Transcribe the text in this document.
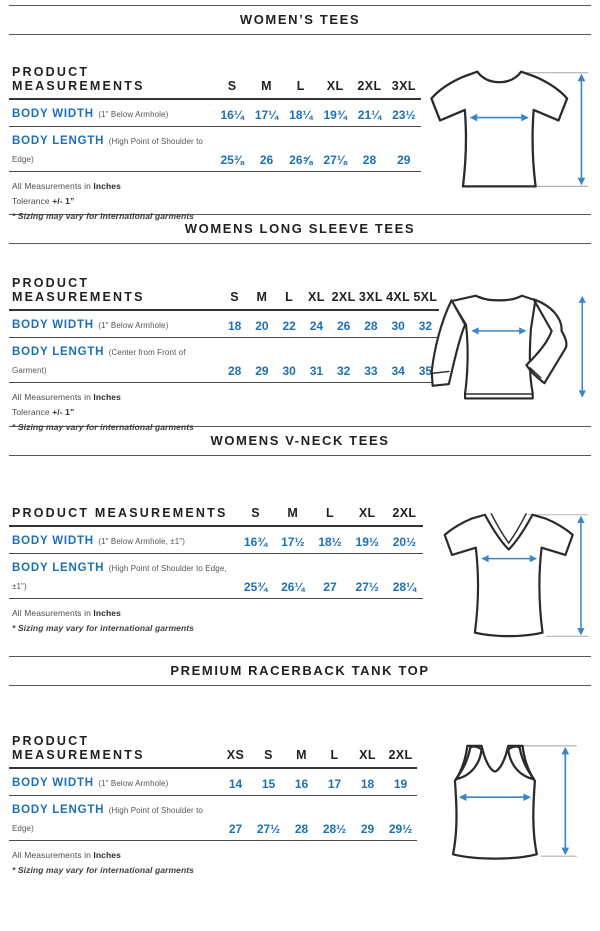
WOMEN’S TEES
PRODUCT MEASUREMENTS	S	M	L	XL	2XL 3XL
BODY WIDTH (1" Below Armhole)	16¼ 17¼ 18¼ 19¾ 21¼ 23½
BODY LENGTH (High Point of Shoulder to Edge)	25⅜	26	26⅝ 27⅛	28	29

All Measurements in Inches

Tolerance +/- 1”

* Sizing may vary for international garments

WOMENS LONG SLEEVE TEES
PRODUCT MEASUREMENTS	S	M	L	XL 2XL 3XL 4XL 5XL
BODY WIDTH (1" Below Armhole)	18	20	22	24	26	28	30	32
BODY LENGTH (Center from Front of Garment)	28	29	30	31	32	33	34	35

All Measurements in Inches

Tolerance +/- 1”

* Sizing may vary for international garments

WOMENS V-NECK TEES
PRODUCT MEASUREMENTS	S	M	L	XL	2XL
BODY WIDTH (1" Below Armhole, ±1")	16¾	17½	18½	19½	20½
BODY LENGTH (High Point of Shoulder to Edge, ±1")	25¾	26¼	27	27½	28¼

All Measurements in Inches

* Sizing may vary for international garments

PREMIUM RACERBACK TANK TOP
PRODUCT MEASUREMENTS	XS	S	M	L	XL	2XL
BODY WIDTH (1" Below Armhole)	14	15	16	17	18	19
BODY LENGTH (High Point of Shoulder to Edge)	27	27½	28	28½	29	29½

All Measurements in Inches

* Sizing may vary for international garments
